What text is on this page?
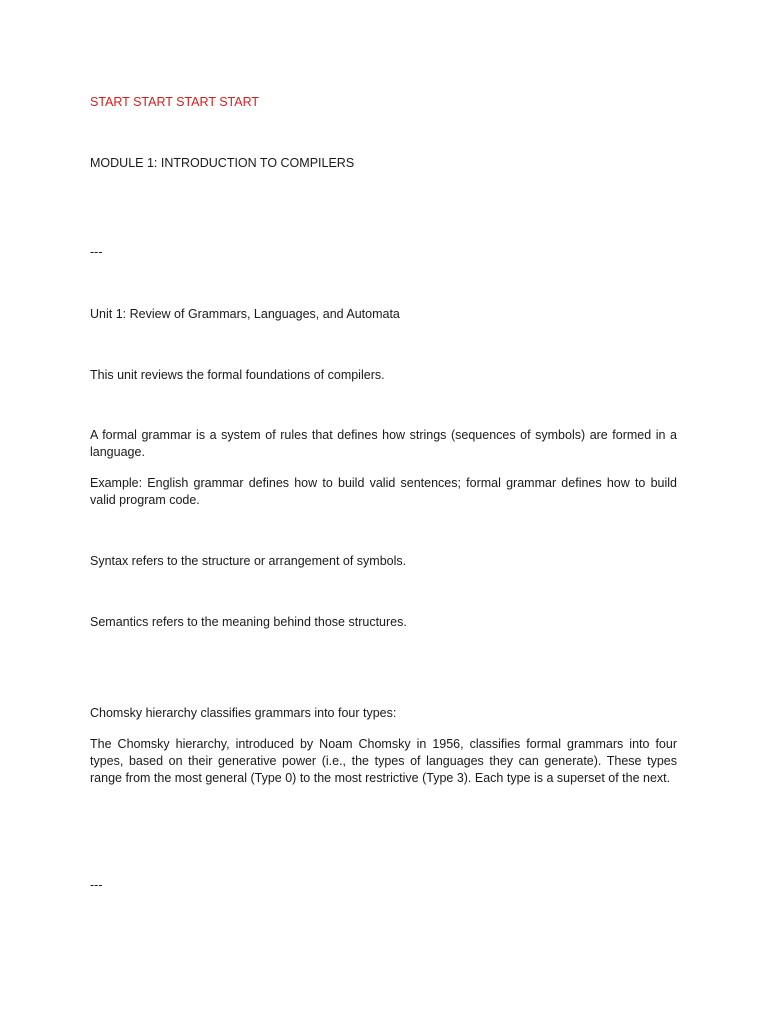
START START START START

MODULE 1: INTRODUCTION TO COMPILERS

---

Unit 1: Review of Grammars, Languages, and Automata

This unit reviews the formal foundations of compilers.

A formal grammar is a system of rules that defines how strings (sequences of symbols) are formed in a language.

Example: English grammar defines how to build valid sentences; formal grammar defines how to build valid program code.

Syntax refers to the structure or arrangement of symbols.

Semantics refers to the meaning behind those structures.

Chomsky hierarchy classifies grammars into four types:

The Chomsky hierarchy, introduced by Noam Chomsky in 1956, classifies formal grammars into four types, based on their generative power (i.e., the types of languages they can generate). These types range from the most general (Type 0) to the most restrictive (Type 3). Each type is a superset of the next.

---
